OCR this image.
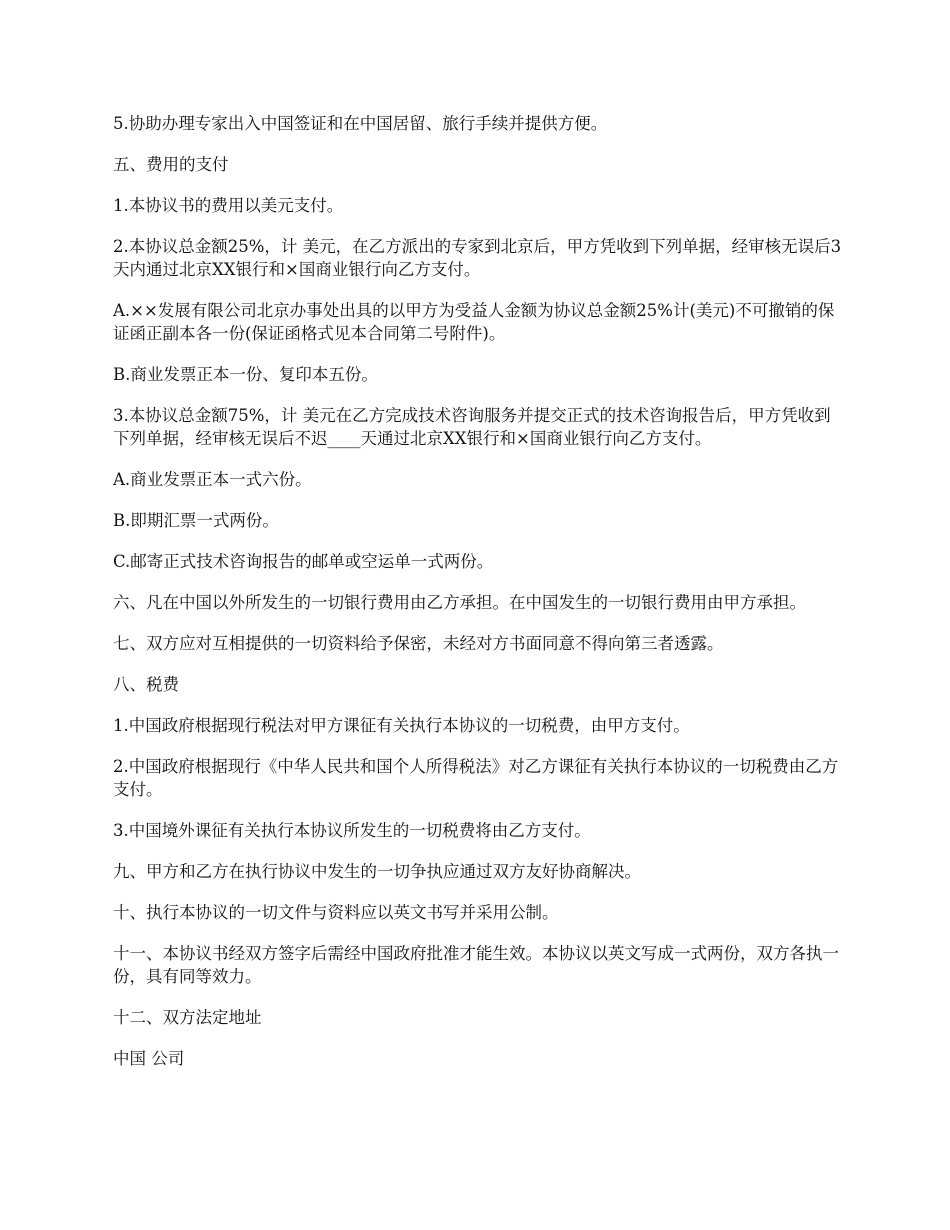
5.协助办理专家出入中国签证和在中国居留、旅行手续并提供方便。

五、费用的支付

1.本协议书的费用以美元支付。

2.本协议总金额25%，计 美元，在乙方派出的专家到北京后，甲方凭收到下列单据，经审核无误后3天内通过北京XX银行和×国商业银行向乙方支付。

A.××发展有限公司北京办事处出具的以甲方为受益人金额为协议总金额25%计(美元)不可撤销的保证函正副本各一份(保证函格式见本合同第二号附件)。

B.商业发票正本一份、复印本五份。

3.本协议总金额75%，计 美元在乙方完成技术咨询服务并提交正式的技术咨询报告后，甲方凭收到下列单据，经审核无误后不迟____天通过北京XX银行和×国商业银行向乙方支付。

A.商业发票正本一式六份。

B.即期汇票一式两份。

C.邮寄正式技术咨询报告的邮单或空运单一式两份。

六、凡在中国以外所发生的一切银行费用由乙方承担。在中国发生的一切银行费用由甲方承担。

七、双方应对互相提供的一切资料给予保密，未经对方书面同意不得向第三者透露。

八、税费

1.中国政府根据现行税法对甲方课征有关执行本协议的一切税费，由甲方支付。

2.中国政府根据现行《中华人民共和国个人所得税法》对乙方课征有关执行本协议的一切税费由乙方支付。

3.中国境外课征有关执行本协议所发生的一切税费将由乙方支付。

九、甲方和乙方在执行协议中发生的一切争执应通过双方友好协商解决。

十、执行本协议的一切文件与资料应以英文书写并采用公制。

十一、本协议书经双方签字后需经中国政府批准才能生效。本协议以英文写成一式两份，双方各执一份，具有同等效力。

十二、双方法定地址

中国 公司
